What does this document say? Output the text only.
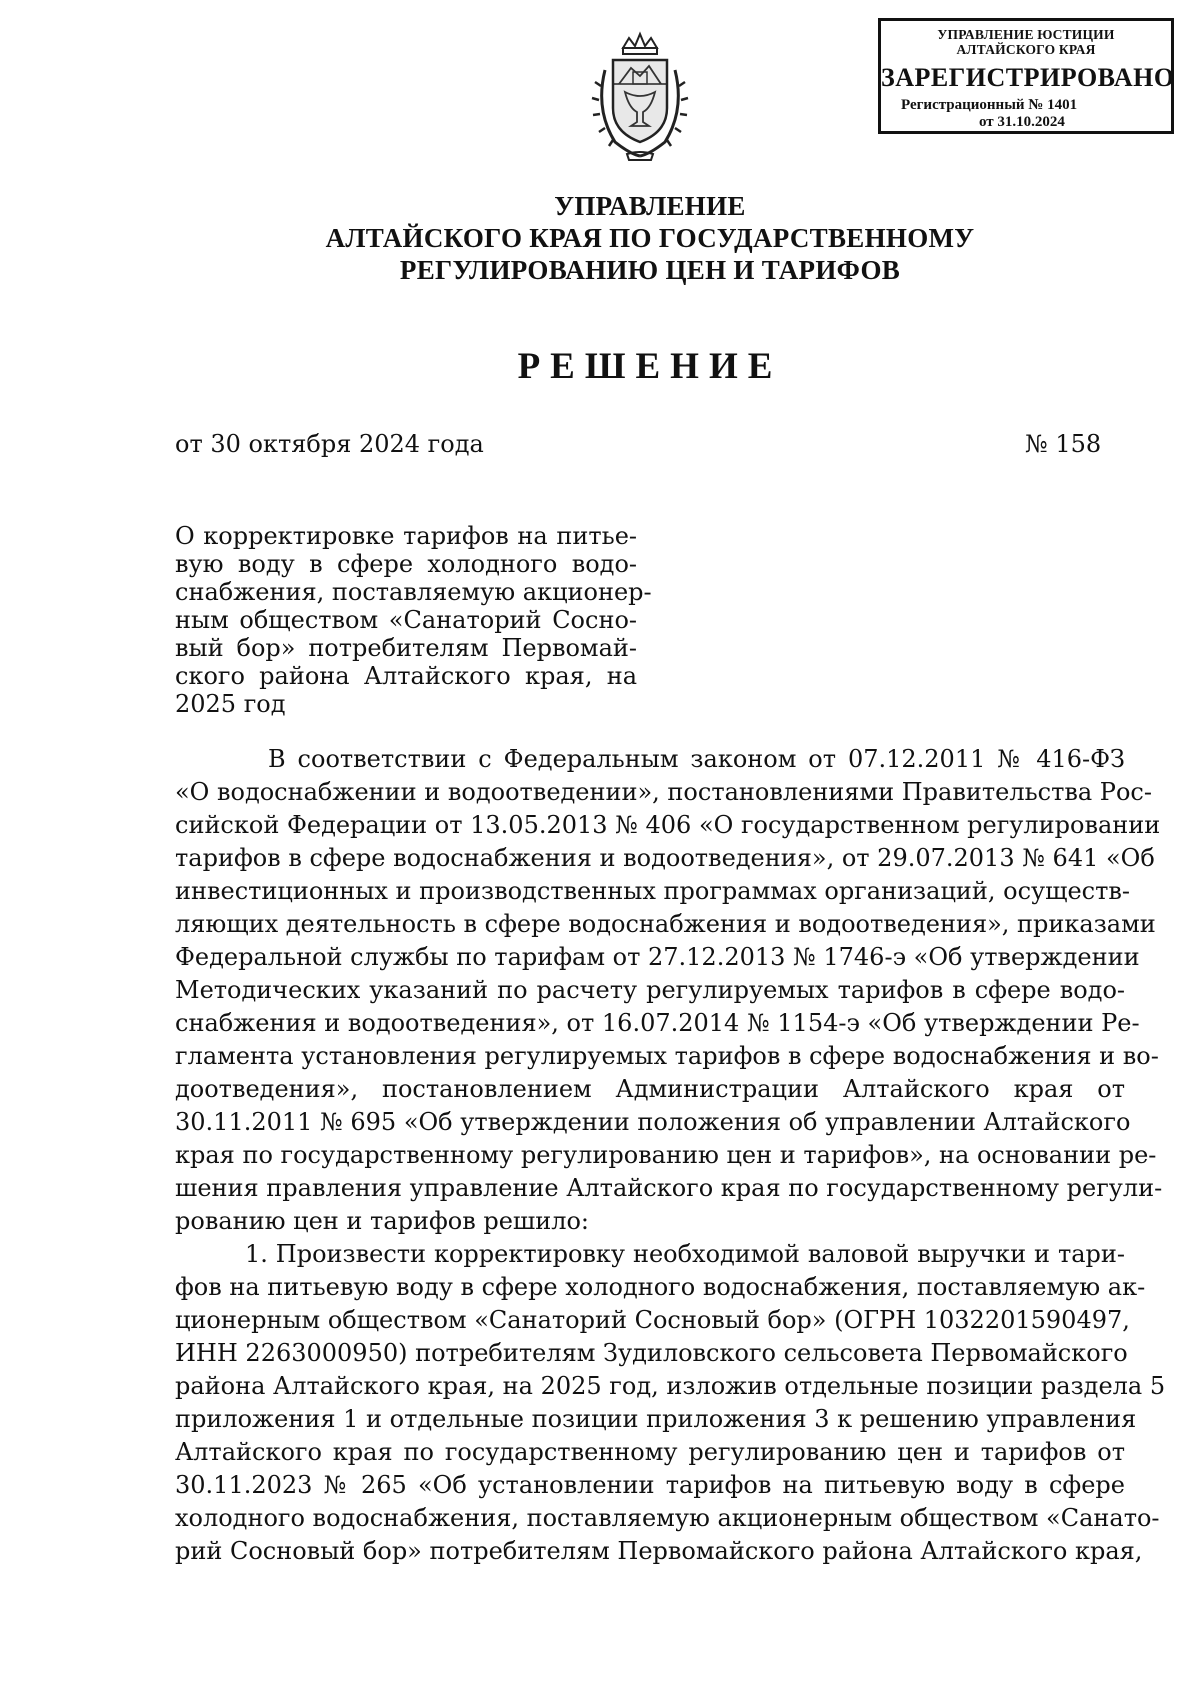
УПРАВЛЕНИЕ ЮСТИЦИИ
АЛТАЙСКОГО КРАЯ
ЗАРЕГИСТРИРОВАНО
Регистрационный № 1401
от 31.10.2024
УПРАВЛЕНИЕ
АЛТАЙСКОГО КРАЯ ПО ГОСУДАРСТВЕННОМУ
РЕГУЛИРОВАНИЮ ЦЕН И ТАРИФОВ
РЕШЕНИЕ
от 30 октября 2024 года	№ 158
О корректировке тарифов на питье-
вую воду в сфере холодного водо-
снабжения, поставляемую акционер-
ным обществом «Санаторий Сосно-
вый бор» потребителям Первомай-
ского района Алтайского края, на
2025 год
В соответствии с Федеральным законом от 07.12.2011 № 416-ФЗ
«О водоснабжении и водоотведении», постановлениями Правительства Рос-
сийской Федерации от 13.05.2013 № 406 «О государственном регулировании
тарифов в сфере водоснабжения и водоотведения», от 29.07.2013 № 641 «Об
инвестиционных и производственных программах организаций, осуществ-
ляющих деятельность в сфере водоснабжения и водоотведения», приказами
Федеральной службы по тарифам от 27.12.2013 № 1746-э «Об утверждении
Методических указаний по расчету регулируемых тарифов в сфере водо-
снабжения и водоотведения», от 16.07.2014 № 1154-э «Об утверждении Ре-
гламента установления регулируемых тарифов в сфере водоснабжения и во-
доотведения», постановлением Администрации Алтайского края от
30.11.2011 № 695 «Об утверждении положения об управлении Алтайского
края по государственному регулированию цен и тарифов», на основании ре-
шения правления управление Алтайского края по государственному регули-
рованию цен и тарифов решило:
1. Произвести корректировку необходимой валовой выручки и тари-
фов на питьевую воду в сфере холодного водоснабжения, поставляемую ак-
ционерным обществом «Санаторий Сосновый бор» (ОГРН 1032201590497,
ИНН 2263000950) потребителям Зудиловского сельсовета Первомайского
района Алтайского края, на 2025 год, изложив отдельные позиции раздела 5
приложения 1 и отдельные позиции приложения 3 к решению управления
Алтайского края по государственному регулированию цен и тарифов от
30.11.2023 № 265 «Об установлении тарифов на питьевую воду в сфере
холодного водоснабжения, поставляемую акционерным обществом «Санато-
рий Сосновый бор» потребителям Первомайского района Алтайского края,
